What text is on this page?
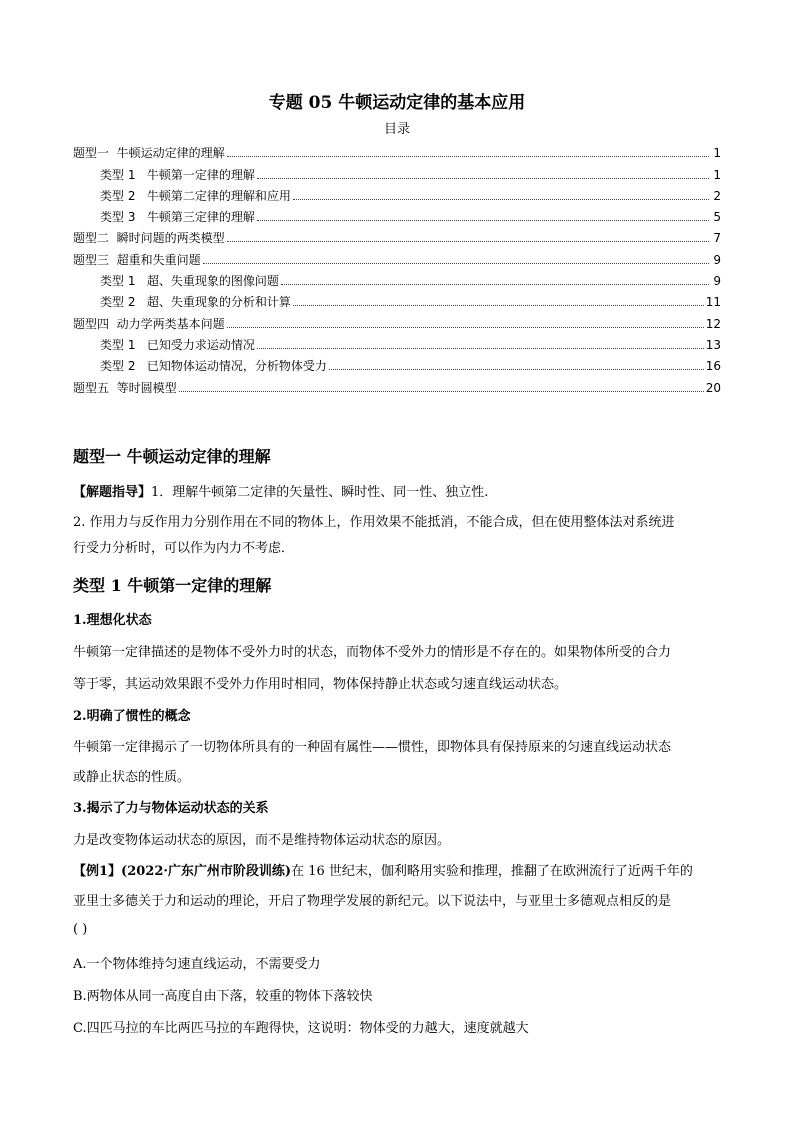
专题 05 牛顿运动定律的基本应用
目录
题型一  牛顿运动定律的理解	1
类型 1   牛顿第一定律的理解	1
类型 2   牛顿第二定律的理解和应用	2
类型 3   牛顿第三定律的理解	5
题型二  瞬时问题的两类模型	7
题型三  超重和失重问题	9
类型 1   超、失重现象的图像问题	9
类型 2   超、失重现象的分析和计算	11
题型四  动力学两类基本问题	12
类型 1   已知受力求运动情况	13
类型 2   已知物体运动情况，分析物体受力	16
题型五  等时圆模型	20
题型一 牛顿运动定律的理解
【解题指导】1．理解牛顿第二定律的矢量性、瞬时性、同一性、独立性.
2. 作用力与反作用力分别作用在不同的物体上，作用效果不能抵消，不能合成，但在使用整体法对系统进
行受力分析时，可以作为内力不考虑．
类型 1 牛顿第一定律的理解
1.理想化状态
牛顿第一定律描述的是物体不受外力时的状态，而物体不受外力的情形是不存在的。如果物体所受的合力
等于零，其运动效果跟不受外力作用时相同，物体保持静止状态或匀速直线运动状态。
2.明确了惯性的概念
牛顿第一定律揭示了一切物体所具有的一种固有属性——惯性，即物体具有保持原来的匀速直线运动状态
或静止状态的性质。
3.揭示了力与物体运动状态的关系
力是改变物体运动状态的原因，而不是维持物体运动状态的原因。
【例1】(2022·广东广州市阶段训练)在 16 世纪末，伽利略用实验和推理，推翻了在欧洲流行了近两千年的
亚里士多德关于力和运动的理论，开启了物理学发展的新纪元。以下说法中，与亚里士多德观点相反的是
( )
A.一个物体维持匀速直线运动，不需要受力
B.两物体从同一高度自由下落，较重的物体下落较快
C.四匹马拉的车比两匹马拉的车跑得快，这说明：物体受的力越大，速度就越大
